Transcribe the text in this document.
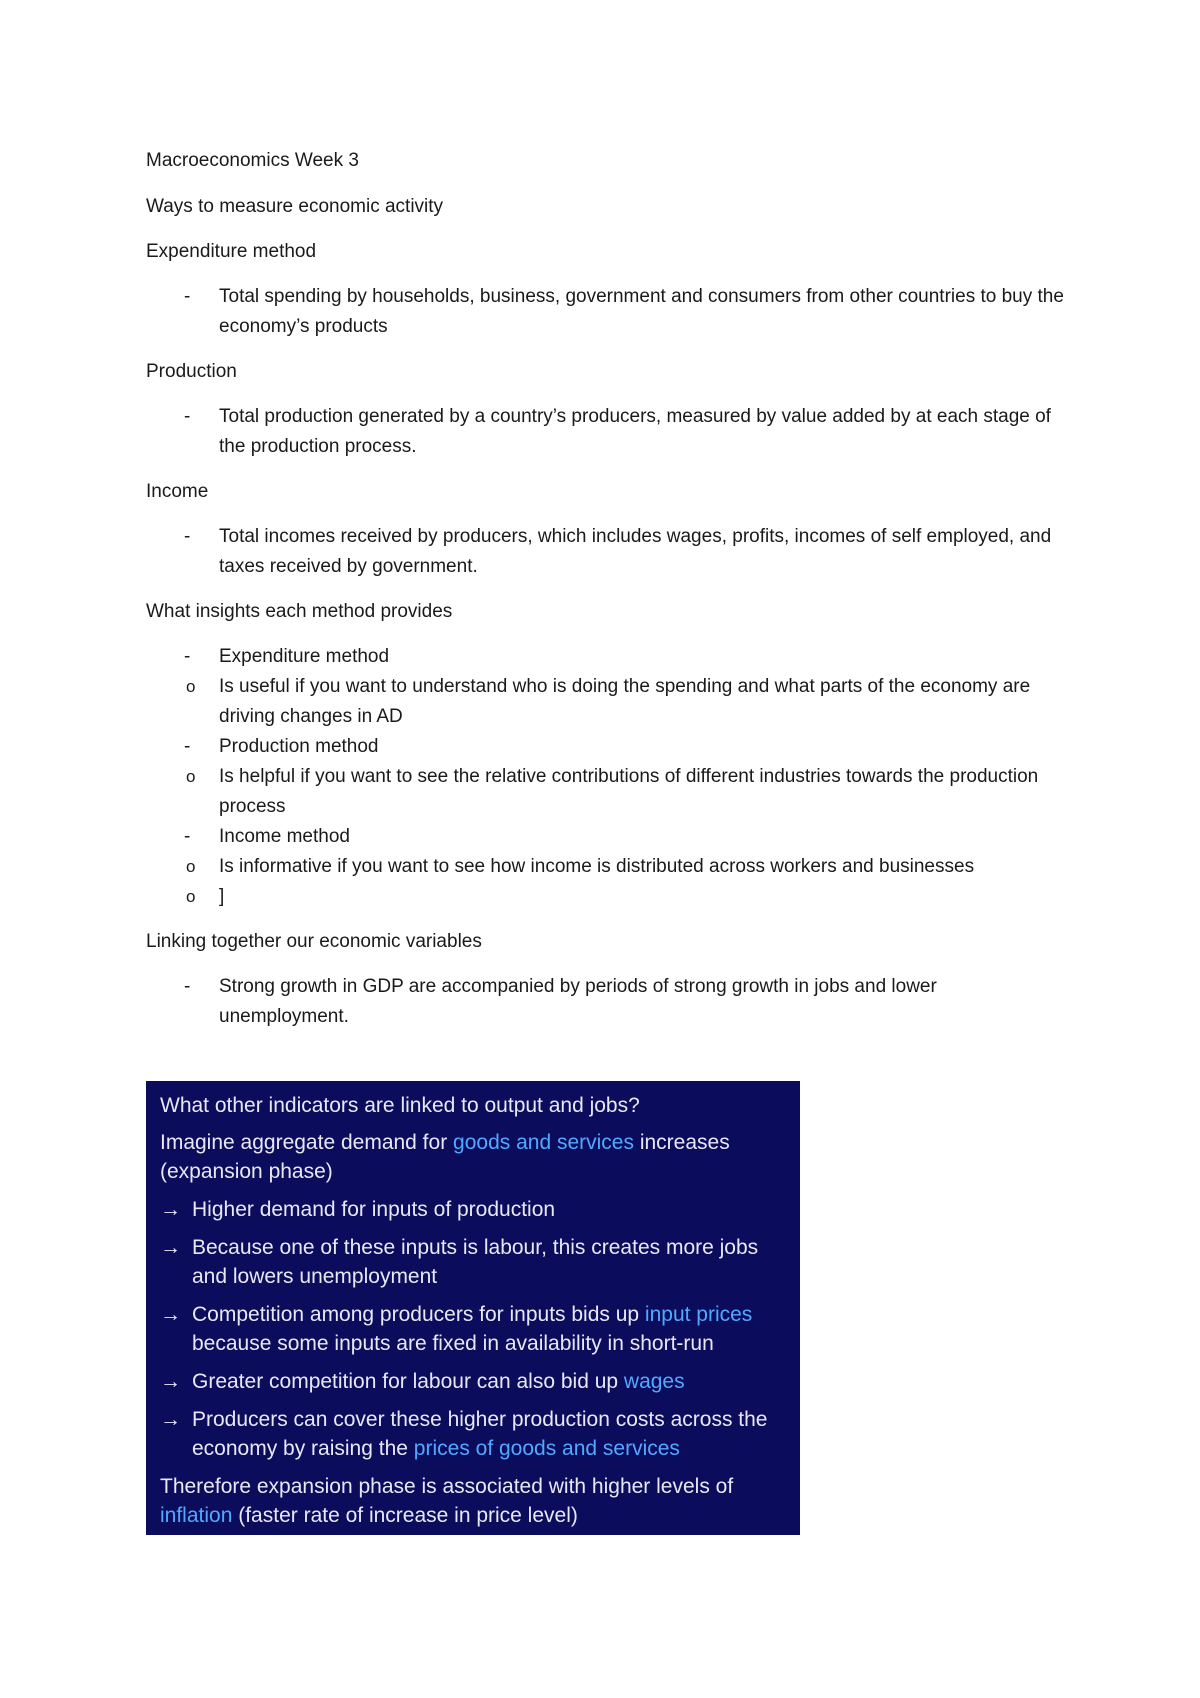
Macroeconomics Week 3

Ways to measure economic activity

Expenditure method

- Total spending by households, business, government and consumers from other countries to buy the economy’s products

Production

- Total production generated by a country’s producers, measured by value added by at each stage of the production process.

Income

- Total incomes received by producers, which includes wages, profits, incomes of self employed, and taxes received by government.

What insights each method provides

- Expenditure method
o Is useful if you want to understand who is doing the spending and what parts of the economy are driving changes in AD
- Production method
o Is helpful if you want to see the relative contributions of different industries towards the production process
- Income method
o Is informative if you want to see how income is distributed across workers and businesses
o ]

Linking together our economic variables

- Strong growth in GDP are accompanied by periods of strong growth in jobs and lower unemployment.

What other indicators are linked to output and jobs?

Imagine aggregate demand for goods and services increases (expansion phase)

→ Higher demand for inputs of production

→ Because one of these inputs is labour, this creates more jobs and lowers unemployment

→ Competition among producers for inputs bids up input prices because some inputs are fixed in availability in short-run

→ Greater competition for labour can also bid up wages

→ Producers can cover these higher production costs across the economy by raising the prices of goods and services

Therefore expansion phase is associated with higher levels of inflation (faster rate of increase in price level)
